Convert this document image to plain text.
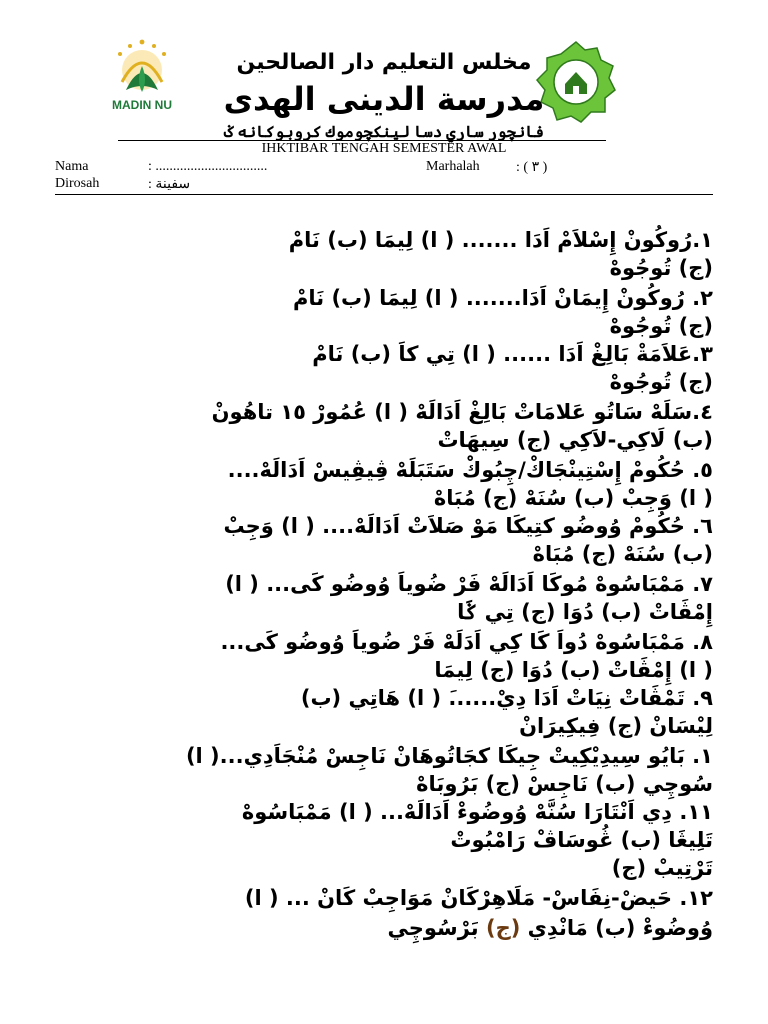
MADIN NU
مخلس التعليم دار الصالحين
مدرسة الدينى الهدى
فانچور ساري دسا لينكچوموك كروبوكانه ݢ
IHKTIBAR TENGAH SEMESTER AWAL
Nama	: ................................	Marhalah	: ( ٣ )
Dirosah	: سفينة
١.رُوكُونْ إِسْلاَمْ اَدَا ....... ( ا) لِيمَا (ب) نَامْ
(ج) تُوجُوهْ
٢. رُوكُونْ إِيمَانْ اَدَا....... ( ا) لِيمَا (ب) نَامْ
(ج) تُوجُوهْ
٣.عَلاَمَةْ بَالِغْ اَدَا ...... ( ا) تِي كاَ (ب) نَامْ
(ج) تُوجُوهْ
٤.سَلَهْ سَاتُو عَلامَاتْ بَالِغْ اَدَالَهْ ( ا) عُمُورْ ١٥ تاهُونْ
(ب) لَاكِي-لاَكِي (ج) سِيهَاتْ
٥. حُكُومْ إِسْتِينْجَاكْ/چِبُوكْ سَتَبَلَهْ ڤِيڤِيسْ اَدَالَهْ....
( ا) وَجِبْ (ب) سُنَهْ (ج) مُبَاهْ
٦. حُكُومْ وُوضُو كتِيكَا مَوْ صَلاَتْ اَدَالَهْ.... ( ا) وَجِبْ
(ب) سُنَهْ (ج) مُبَاهْ
٧. مَمْبَاسُوهْ مُوكَا اَدَالَهْ فَرْ ضُوياَ وُوضُو كَى... ( ا)
إِمْڤَاتْ (ب) دُوَا (ج) تِي ݢَا
٨. مَمْبَاسُوهْ دُواَ كَا كِي اَدَلَهْ فَرْ ضُوياَ وُوضُو كَى...
( ا) إِمْڤَاتْ (ب) دُوَا (ج) لِيمَا
٩. تَمْڤَاتْ نِيَاتْ اَدَا دِيْ......َ ( ا) هَاتِي (ب)
لِيْسَانْ (ج) فِيكِيرَانْ
١. بَايُو سِيدِيْكِيتْ جِيكَا كجَاتُوهَانْ نَاجِسْ مُنْجَاَدِي...( ا)
سُوچِي (ب) نَاجِسْ (ج) بَرُوبَاهْ
١١. دِي اَنْتَارَا سُنَّهْ وُوضُوءْ اَدَالَهْ... ( ا) مَمْبَاسُوهْ
تَلِيڠَا (ب) ڠُوسَاڤْ رَامْبُوتْ
تَرْتِيبْ (ج)
١٢. حَيضْ-نِفَاسْ- مَلَاهِرْكَانْ مَوَاجِبْ كَانْ ... ( ا)
وُوضُوءْ (ب) مَانْدِي (ج) بَرْسُوچِي
